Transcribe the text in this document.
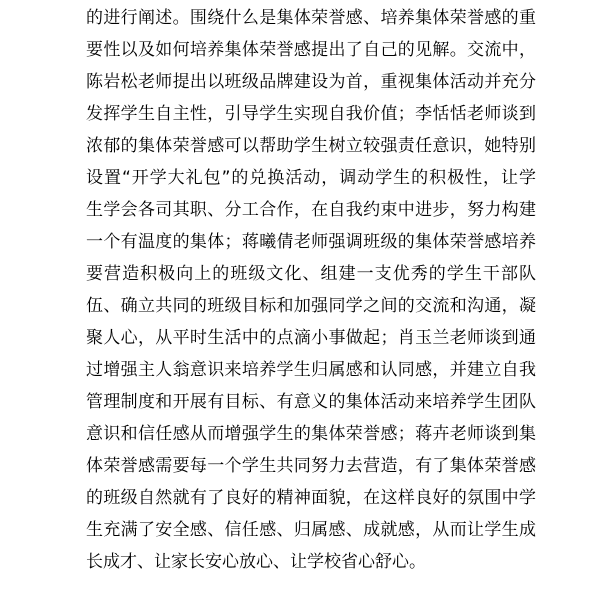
的进行阐述。围绕什么是集体荣誉感、培养集体荣誉感的重
要性以及如何培养集体荣誉感提出了自己的见解。交流中，
陈岩松老师提出以班级品牌建设为首，重视集体活动并充分
发挥学生自主性，引导学生实现自我价值；李恬恬老师谈到
浓郁的集体荣誉感可以帮助学生树立较强责任意识，她特别
设置“开学大礼包”的兑换活动，调动学生的积极性，让学
生学会各司其职、分工合作，在自我约束中进步，努力构建
一个有温度的集体；蒋曦倩老师强调班级的集体荣誉感培养
要营造积极向上的班级文化、组建一支优秀的学生干部队
伍、确立共同的班级目标和加强同学之间的交流和沟通，凝
聚人心，从平时生活中的点滴小事做起；肖玉兰老师谈到通
过增强主人翁意识来培养学生归属感和认同感，并建立自我
管理制度和开展有目标、有意义的集体活动来培养学生团队
意识和信任感从而增强学生的集体荣誉感；蒋卉老师谈到集
体荣誉感需要每一个学生共同努力去营造，有了集体荣誉感
的班级自然就有了良好的精神面貌，在这样良好的氛围中学
生充满了安全感、信任感、归属感、成就感，从而让学生成
长成才、让家长安心放心、让学校省心舒心。
